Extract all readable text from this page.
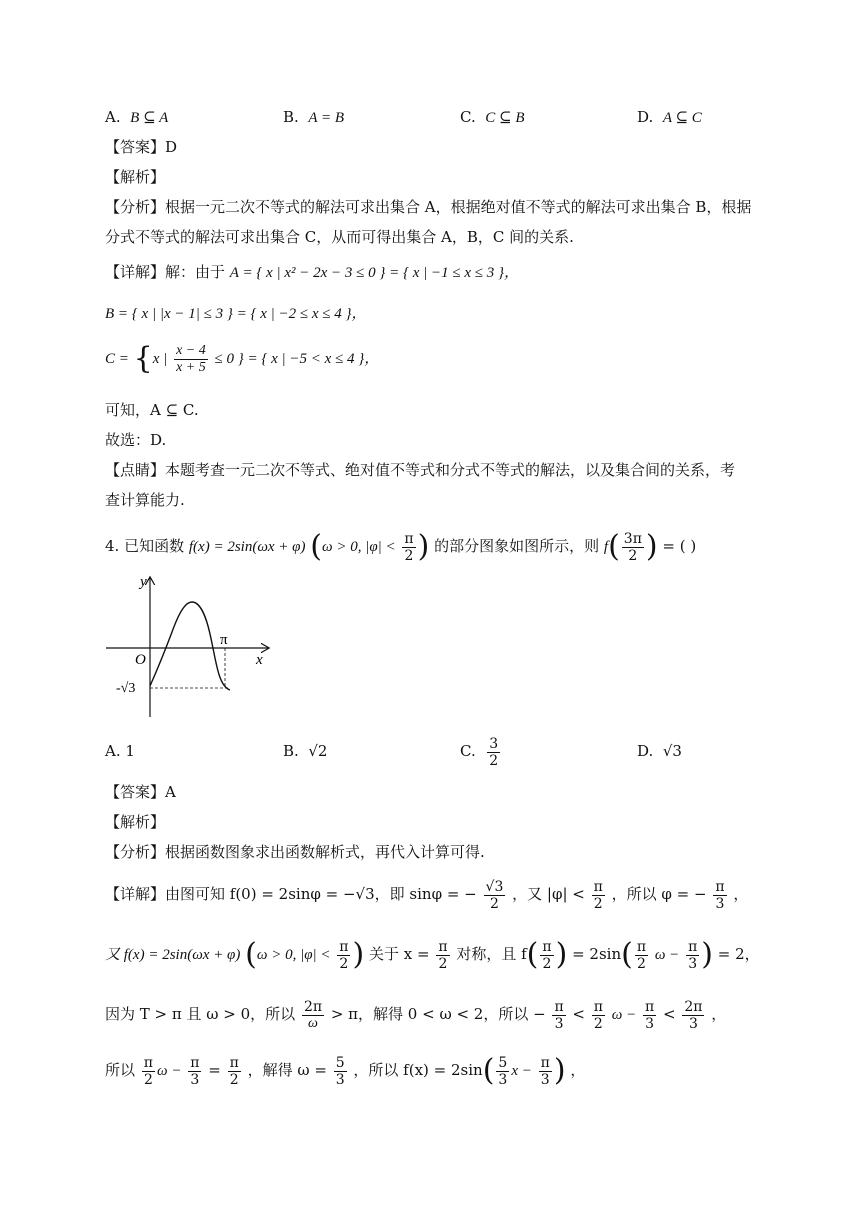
A. B ⊆ A	B. A = B	C. C ⊆ B	D. A ⊆ C
【答案】D
【解析】
【分析】根据一元二次不等式的解法可求出集合 A，根据绝对值不等式的解法可求出集合 B，根据
分式不等式的解法可求出集合 C，从而可得出集合 A，B，C 间的关系.
【详解】解：由于 A = { x | x² − 2x − 3 ≤ 0 } = { x | −1 ≤ x ≤ 3 }，
B = { x | |x − 1| ≤ 3 } = { x | −2 ≤ x ≤ 4 }，
C = {x | $\frac{x - 4}{x + 5} \le 0$ } = { x | −5 < x ≤ 4 }，
可知，A ⊆ C.
故选：D.
【点睛】本题考查一元二次不等式、绝对值不等式和分式不等式的解法，以及集合间的关系，考
查计算能力.
4. 已知函数 f(x) = 2sin(ωx + φ) (ω > 0, $|\varphi| < \frac{\pi}{2}$ ) 的部分图象如图所示，则 $f( \frac{3\pi}{2}$ ) = ( )
y
x
O
π
-√3
A. 1	B. √2	C. $\frac{3}{2}$	D. √3
【答案】A
【解析】
【分析】根据函数图象求出函数解析式，再代入计算可得.
【详解】由图可知 f(0) = 2sinφ = −√3，即 sinφ = − $\frac{√3}{2}$ ，又 $|\varphi| < \frac{\pi}{2}$ ，所以 φ = − $\frac{\pi}{3}$ ，
又 f(x) = 2sin(ωx + φ) (ω > 0, $|\varphi| < \frac{\pi}{2}$ ) 关于 $x = \frac{\pi}{2}$ 对称，且 $f( \frac{\pi}{2}$ ) = $2\sin( \frac{\pi}{2}$ $\omega - \frac{\pi}{3}$ ) = 2，
因为 T > π 且 ω > 0，所以 $\frac{2\pi}{\omega} > \pi$，解得 0 < ω < 2，所以 − $\frac{\pi}{3} < \frac{\pi}{2}$ $\omega - \frac{\pi}{3} < \frac{2\pi}{3}$ ，
所以 $\frac{\pi}{2}$ $\omega - \frac{\pi}{3} = \frac{\pi}{2}$ ，解得 $\omega = \frac{5}{3}$ ，所以 $f(x) = 2\sin( \frac{5}{3}$ $x - \frac{\pi}{3}$ ) ，
